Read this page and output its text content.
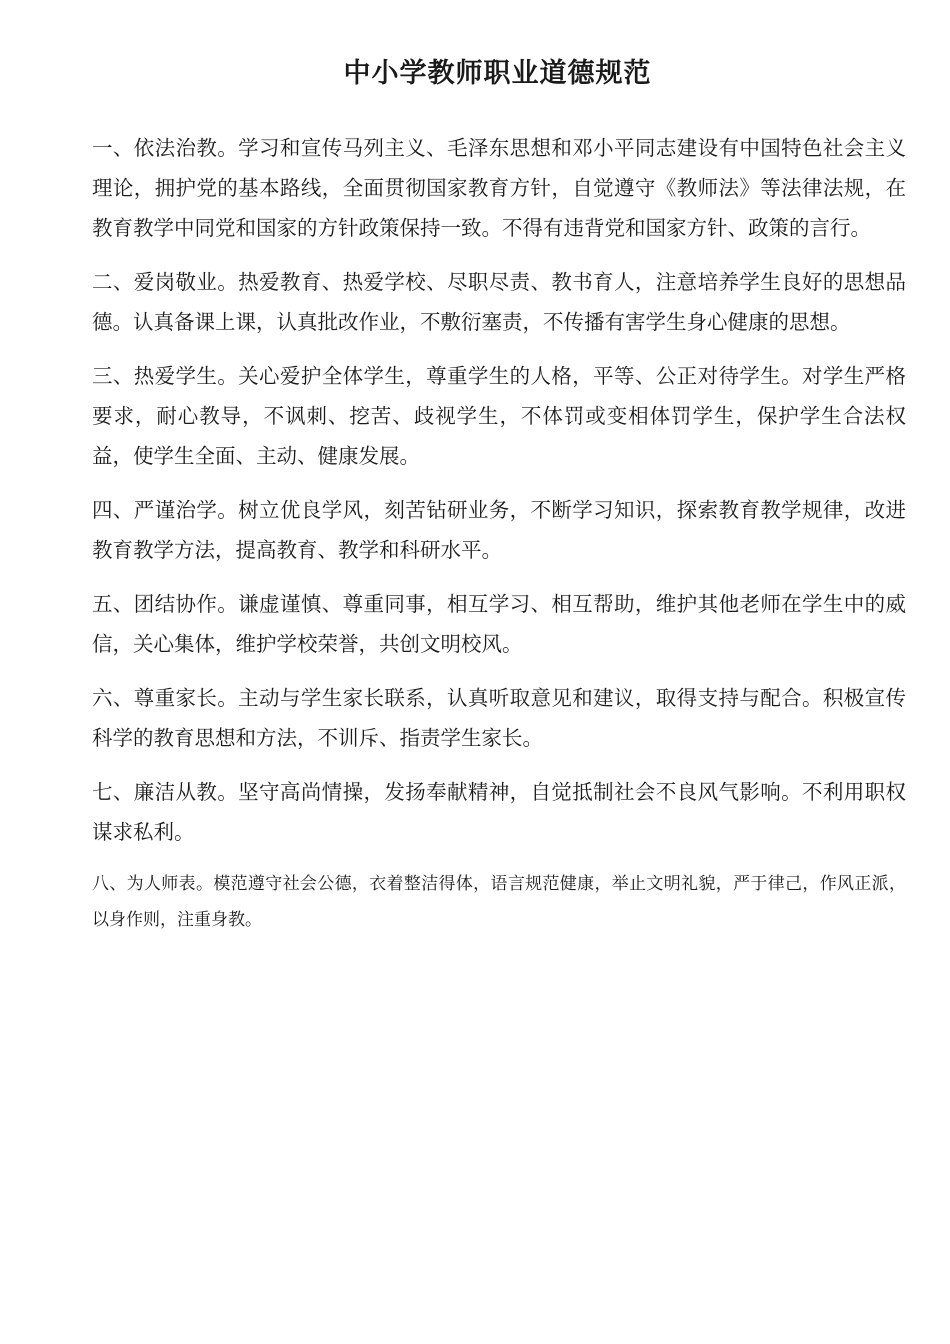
中小学教师职业道德规范

一、依法治教。学习和宣传马列主义、毛泽东思想和邓小平同志建设有中国特色社会主义理论，拥护党的基本路线，全面贯彻国家教育方针，自觉遵守《教师法》等法律法规，在教育教学中同党和国家的方针政策保持一致。不得有违背党和国家方针、政策的言行。

二、爱岗敬业。热爱教育、热爱学校、尽职尽责、教书育人，注意培养学生良好的思想品德。认真备课上课，认真批改作业，不敷衍塞责，不传播有害学生身心健康的思想。

三、热爱学生。关心爱护全体学生，尊重学生的人格，平等、公正对待学生。对学生严格要求，耐心教导，不讽刺、挖苦、歧视学生，不体罚或变相体罚学生，保护学生合法权益，使学生全面、主动、健康发展。

四、严谨治学。树立优良学风，刻苦钻研业务，不断学习知识，探索教育教学规律，改进教育教学方法，提高教育、教学和科研水平。

五、团结协作。谦虚谨慎、尊重同事，相互学习、相互帮助，维护其他老师在学生中的威信，关心集体，维护学校荣誉，共创文明校风。

六、尊重家长。主动与学生家长联系，认真听取意见和建议，取得支持与配合。积极宣传科学的教育思想和方法，不训斥、指责学生家长。

七、廉洁从教。坚守高尚情操，发扬奉献精神，自觉抵制社会不良风气影响。不利用职权谋求私利。

八、为人师表。模范遵守社会公德，衣着整洁得体，语言规范健康，举止文明礼貌，严于律己，作风正派，以身作则，注重身教。
